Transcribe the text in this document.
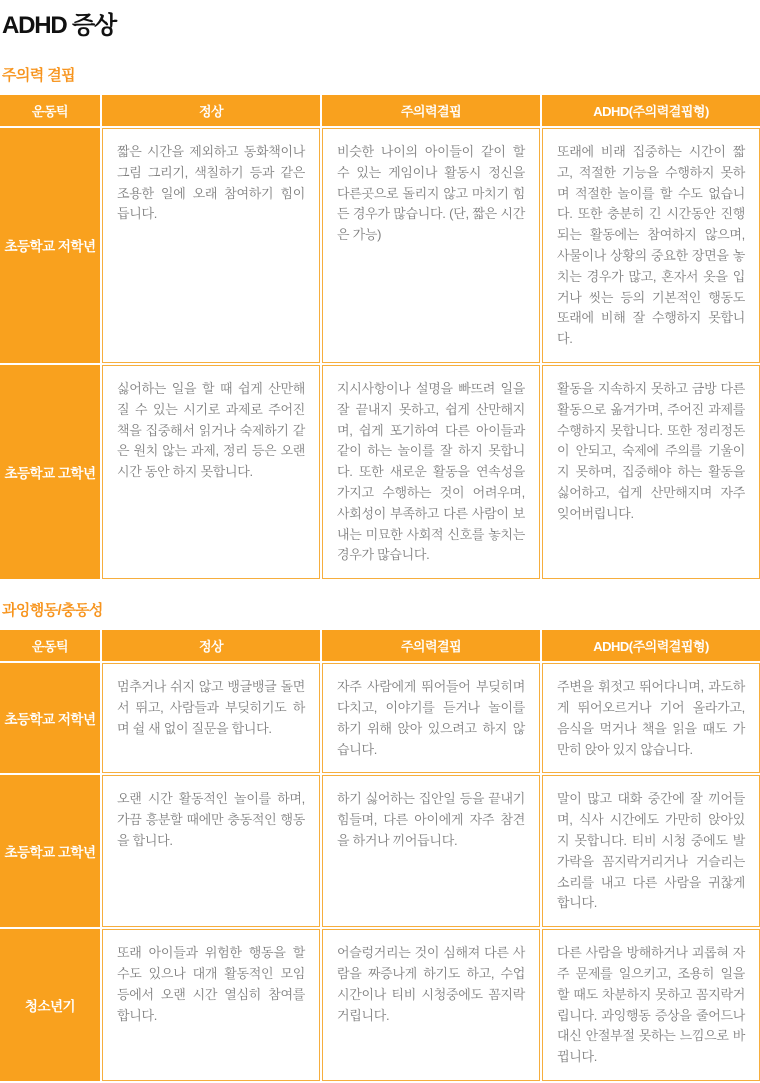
ADHD 증상
주의력 결핍
운동틱	정상	주의력결핍	ADHD(주의력결핍형)
초등학교 저학년	짧은 시간을 제외하고 동화책이나 그림 그리기, 색칠하기 등과 같은 조용한 일에 오래 참여하기 힘이 듭니다.	비슷한 나이의 아이들이 같이 할 수 있는 게임이나 활동시 정신을 다른곳으로 돌리지 않고 마치기 힘든 경우가 많습니다. (단, 짧은 시간은 가능)	또래에 비래 집중하는 시간이 짧고, 적절한 기능을 수행하지 못하며 적절한 놀이를 할 수도 없습니다. 또한 충분히 긴 시간동안 진행되는 활동에는 참여하지 않으며, 사물이나 상황의 중요한 장면을 놓치는 경우가 많고, 혼자서 옷을 입거나 씻는 등의 기본적인 행동도 또래에 비해 잘 수행하지 못합니다.
초등학교 고학년	싫어하는 일을 할 때 쉽게 산만해질 수 있는 시기로 과제로 주어진 책을 집중해서 읽거나 숙제하기 같은 원치 않는 과제, 정리 등은 오랜시간 동안 하지 못합니다.	지시사항이나 설명을 빠뜨려 일을 잘 끝내지 못하고, 쉽게 산만해지며, 쉽게 포기하여 다른 아이들과 같이 하는 놀이를 잘 하지 못합니다. 또한 새로운 활동을 연속성을 가지고 수행하는 것이 어려우며, 사회성이 부족하고 다른 사람이 보내는 미묘한 사회적 신호를 놓치는 경우가 많습니다.	활동을 지속하지 못하고 금방 다른 활동으로 옮겨가며, 주어진 과제를 수행하지 못합니다. 또한 정리정돈이 안되고, 숙제에 주의를 기울이지 못하며, 집중해야 하는 활동을 싫어하고, 쉽게 산만해지며 자주 잊어버립니다.
과잉행동/충동성
운동틱	정상	주의력결핍	ADHD(주의력결핍형)
초등학교 저학년	멈추거나 쉬지 않고 뱅글뱅글 돌면서 뛰고, 사람들과 부딪히기도 하며 쉴 새 없이 질문을 합니다.	자주 사람에게 뛰어들어 부딪히며 다치고, 이야기를 듣거나 놀이를 하기 위해 앉아 있으려고 하지 않습니다.	주변을 휘젓고 뛰어다니며, 과도하게 뛰어오르거나 기어 올라가고, 음식을 먹거나 책을 읽을 때도 가만히 앉아 있지 않습니다.
초등학교 고학년	오랜 시간 활동적인 놀이를 하며, 가끔 흥분할 때에만 충동적인 행동을 합니다.	하기 싫어하는 집안일 등을 끝내기 힘들며, 다른 아이에게 자주 참견을 하거나 끼어듭니다.	말이 많고 대화 중간에 잘 끼어들며, 식사 시간에도 가만히 앉아있지 못합니다. 티비 시청 중에도 발가락을 꼼지락거리거나 거슬리는 소리를 내고 다른 사람을 귀찮게 합니다.
청소년기	또래 아이들과 위험한 행동을 할 수도 있으나 대개 활동적인 모임 등에서 오랜 시간 열심히 참여를 합니다.	어슬렁거리는 것이 심해져 다른 사람을 짜증나게 하기도 하고, 수업시간이나 티비 시청중에도 꼼지락 거립니다.	다른 사람을 방해하거나 괴롭혀 자주 문제를 일으키고, 조용히 일을 할 때도 차분하지 못하고 꼼지락거립니다. 과잉행동 증상을 줄어드나 대신 안절부절 못하는 느낌으로 바뀝니다.
